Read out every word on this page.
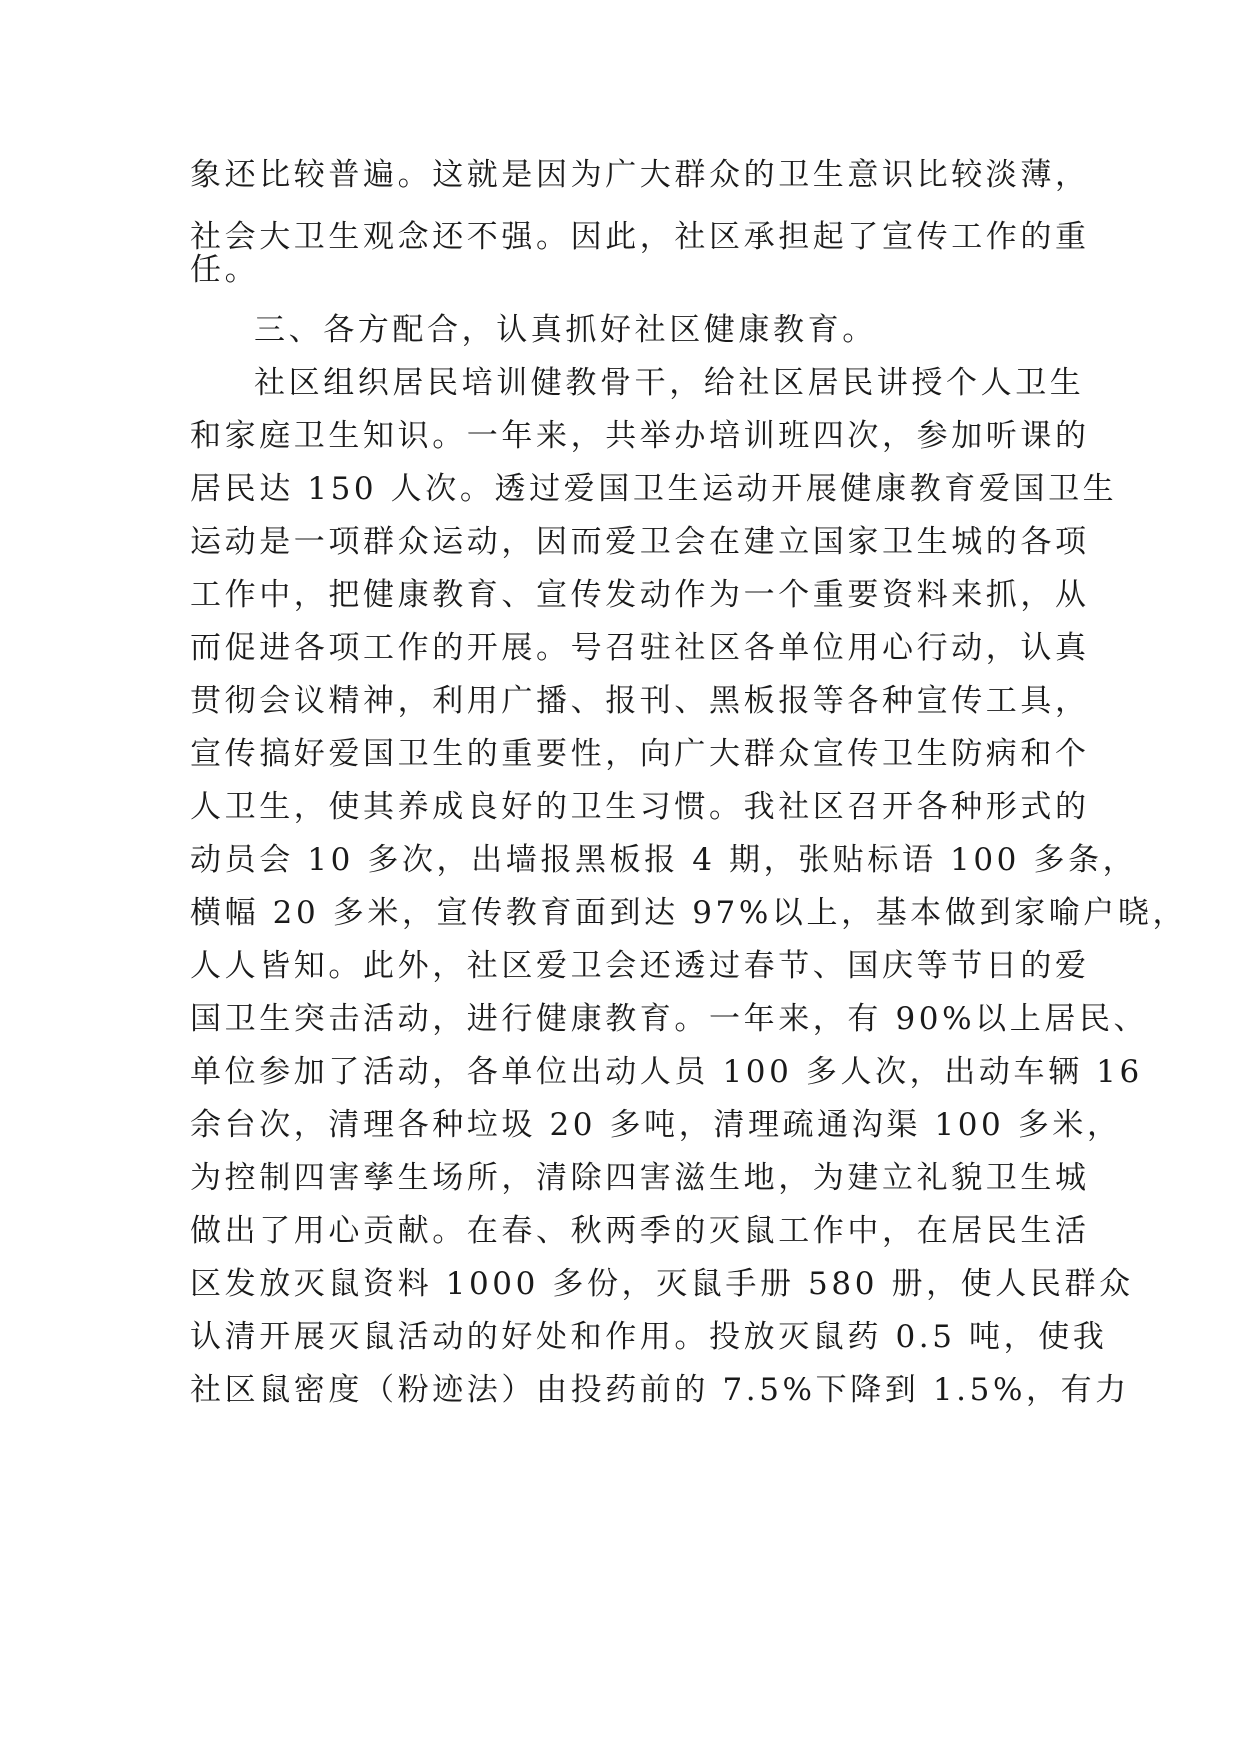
象还比较普遍。这就是因为广大群众的卫生意识比较淡薄，
社会大卫生观念还不强。因此，社区承担起了宣传工作的重
任。
三、各方配合，认真抓好社区健康教育。
社区组织居民培训健教骨干，给社区居民讲授个人卫生
和家庭卫生知识。一年来，共举办培训班四次，参加听课的
居民达 150 人次。透过爱国卫生运动开展健康教育爱国卫生
运动是一项群众运动，因而爱卫会在建立国家卫生城的各项
工作中，把健康教育、宣传发动作为一个重要资料来抓，从
而促进各项工作的开展。号召驻社区各单位用心行动，认真
贯彻会议精神，利用广播、报刊、黑板报等各种宣传工具，
宣传搞好爱国卫生的重要性，向广大群众宣传卫生防病和个
人卫生，使其养成良好的卫生习惯。我社区召开各种形式的
动员会 10 多次，出墙报黑板报 4 期，张贴标语 100 多条，
横幅 20 多米，宣传教育面到达 97%以上，基本做到家喻户晓，
人人皆知。此外，社区爱卫会还透过春节、国庆等节日的爱
国卫生突击活动，进行健康教育。一年来，有 90%以上居民、
单位参加了活动，各单位出动人员 100 多人次，出动车辆 16
余台次，清理各种垃圾 20 多吨，清理疏通沟渠 100 多米，
为控制四害孳生场所，清除四害滋生地，为建立礼貌卫生城
做出了用心贡献。在春、秋两季的灭鼠工作中，在居民生活
区发放灭鼠资料 1000 多份，灭鼠手册 580 册，使人民群众
认清开展灭鼠活动的好处和作用。投放灭鼠药 0.5 吨，使我
社区鼠密度（粉迹法）由投药前的 7.5%下降到 1.5%，有力
